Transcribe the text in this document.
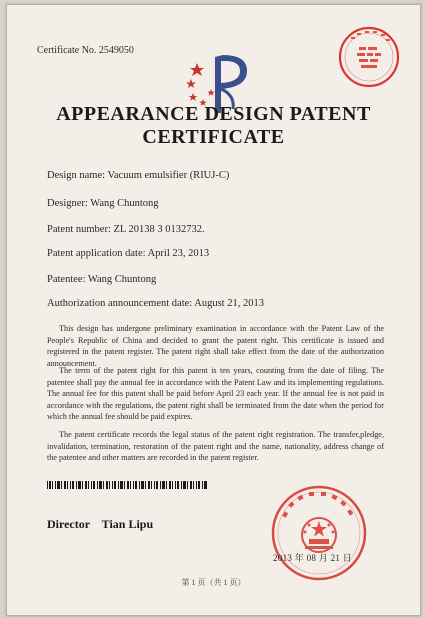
Certificate No. 2549050
APPEARANCE DESIGN PATENT
CERTIFICATE
Design name: Vacuum emulsifier (RIUJ-C)
Designer: Wang Chuntong
Patent number: ZL 20138 3 0132732.
Patent application date: April 23, 2013
Patentee: Wang Chuntong
Authorization announcement date: August 21, 2013

This design has undergone preliminary examination in accordance with the Patent Law of the People's Republic of China and decided to grant the patent right. This certificate is issued and registered in the patent register. The patent right shall take effect from the date of the authorization announcement.

The term of the patent right for this patent is ten years, counting from the date of filing. The patentee shall pay the annual fee in accordance with the Patent Law and its implementing regulations. The annual fee for this patent shall be paid before April 23 each year. If the annual fee is not paid in accordance with the regulations, the patent right shall be terminated from the date when the period for which the annual fee should be paid expires.

The patent certificate records the legal status of the patent right registration. The transfer,pledge, invalidation, termination, restoration of the patent right and the name, nationality, address change of the patentee and other matters are recorded in the patent register.

Director    Tian Lipu
2013 年 08 月 21 日
第 1 页（共 1 页）
